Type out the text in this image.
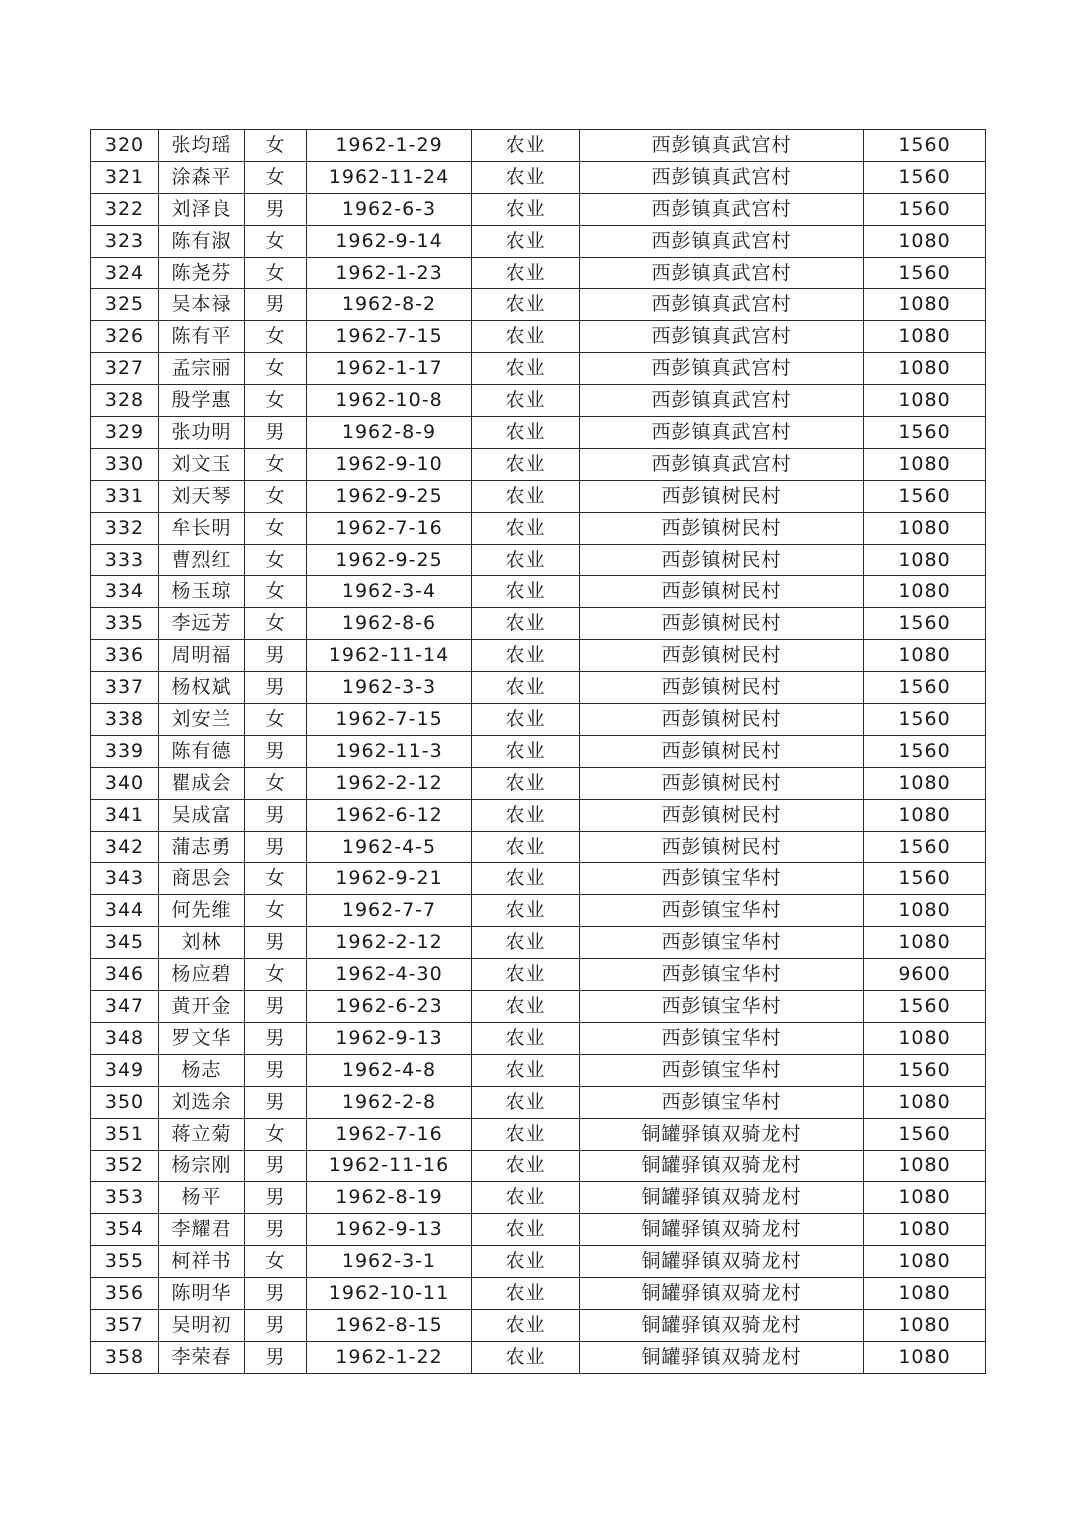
320	张均瑶	女	1962-1-29	农业	西彭镇真武宫村	1560
321	涂森平	女	1962-11-24	农业	西彭镇真武宫村	1560
322	刘泽良	男	1962-6-3	农业	西彭镇真武宫村	1560
323	陈有淑	女	1962-9-14	农业	西彭镇真武宫村	1080
324	陈尧芬	女	1962-1-23	农业	西彭镇真武宫村	1560
325	吴本禄	男	1962-8-2	农业	西彭镇真武宫村	1080
326	陈有平	女	1962-7-15	农业	西彭镇真武宫村	1080
327	孟宗丽	女	1962-1-17	农业	西彭镇真武宫村	1080
328	殷学惠	女	1962-10-8	农业	西彭镇真武宫村	1080
329	张功明	男	1962-8-9	农业	西彭镇真武宫村	1560
330	刘文玉	女	1962-9-10	农业	西彭镇真武宫村	1080
331	刘天琴	女	1962-9-25	农业	西彭镇树民村	1560
332	牟长明	女	1962-7-16	农业	西彭镇树民村	1080
333	曹烈红	女	1962-9-25	农业	西彭镇树民村	1080
334	杨玉琼	女	1962-3-4	农业	西彭镇树民村	1080
335	李远芳	女	1962-8-6	农业	西彭镇树民村	1560
336	周明福	男	1962-11-14	农业	西彭镇树民村	1080
337	杨权斌	男	1962-3-3	农业	西彭镇树民村	1560
338	刘安兰	女	1962-7-15	农业	西彭镇树民村	1560
339	陈有德	男	1962-11-3	农业	西彭镇树民村	1560
340	瞿成会	女	1962-2-12	农业	西彭镇树民村	1080
341	吴成富	男	1962-6-12	农业	西彭镇树民村	1080
342	蒲志勇	男	1962-4-5	农业	西彭镇树民村	1560
343	商思会	女	1962-9-21	农业	西彭镇宝华村	1560
344	何先维	女	1962-7-7	农业	西彭镇宝华村	1080
345	刘林	男	1962-2-12	农业	西彭镇宝华村	1080
346	杨应碧	女	1962-4-30	农业	西彭镇宝华村	9600
347	黄开金	男	1962-6-23	农业	西彭镇宝华村	1560
348	罗文华	男	1962-9-13	农业	西彭镇宝华村	1080
349	杨志	男	1962-4-8	农业	西彭镇宝华村	1560
350	刘选余	男	1962-2-8	农业	西彭镇宝华村	1080
351	蒋立菊	女	1962-7-16	农业	铜罐驿镇双骑龙村	1560
352	杨宗刚	男	1962-11-16	农业	铜罐驿镇双骑龙村	1080
353	杨平	男	1962-8-19	农业	铜罐驿镇双骑龙村	1080
354	李耀君	男	1962-9-13	农业	铜罐驿镇双骑龙村	1080
355	柯祥书	女	1962-3-1	农业	铜罐驿镇双骑龙村	1080
356	陈明华	男	1962-10-11	农业	铜罐驿镇双骑龙村	1080
357	吴明初	男	1962-8-15	农业	铜罐驿镇双骑龙村	1080
358	李荣春	男	1962-1-22	农业	铜罐驿镇双骑龙村	1080
